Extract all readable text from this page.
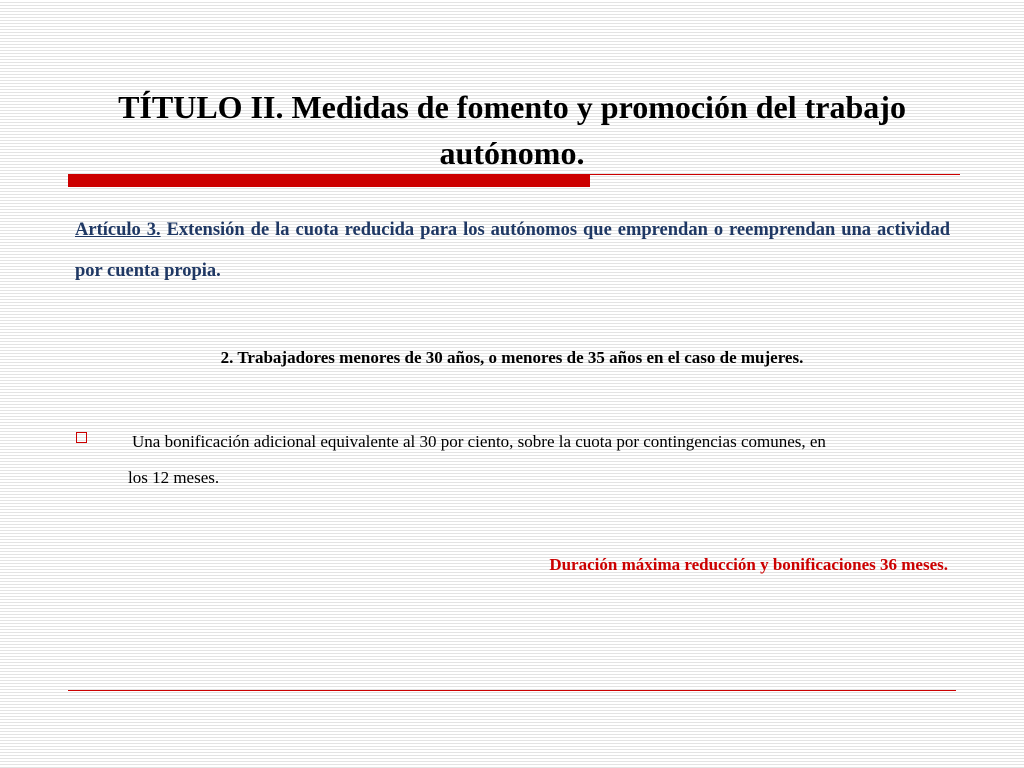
TÍTULO II. Medidas de fomento y promoción del trabajo
autónomo.
Artículo 3. Extensión de la cuota reducida para los autónomos que emprendan o reemprendan una actividad por cuenta propia.
2. Trabajadores menores de 30 años, o menores de 35 años en el caso de mujeres.
Una bonificación adicional equivalente al 30 por ciento, sobre la cuota por contingencias comunes, en
los 12 meses.
Duración máxima reducción y bonificaciones 36 meses.
